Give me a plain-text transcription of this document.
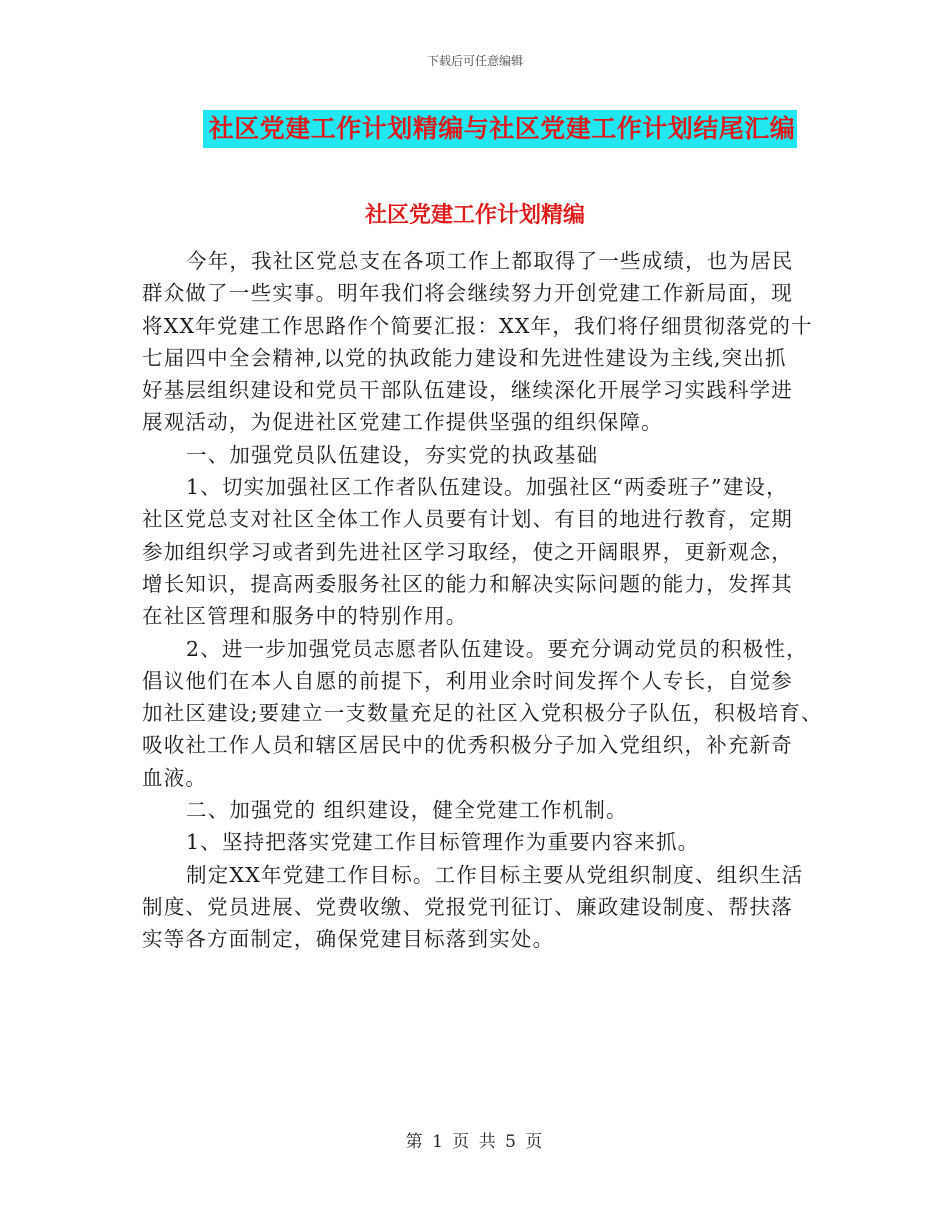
下载后可任意编辑
社区党建工作计划精编与社区党建工作计划结尾汇编
社区党建工作计划精编
今年，我社区党总支在各项工作上都取得了一些成绩，也为居民
群众做了一些实事。明年我们将会继续努力开创党建工作新局面，现
将XX年党建工作思路作个简要汇报：XX年，我们将仔细贯彻落党的十
七届四中全会精神,以党的执政能力建设和先进性建设为主线,突出抓
好基层组织建设和党员干部队伍建设，继续深化开展学习实践科学进
展观活动，为促进社区党建工作提供坚强的组织保障。
一、加强党员队伍建设，夯实党的执政基础
1、切实加强社区工作者队伍建设。加强社区“两委班子”建设，
社区党总支对社区全体工作人员要有计划、有目的地进行教育，定期
参加组织学习或者到先进社区学习取经，使之开阔眼界，更新观念，
增长知识，提高两委服务社区的能力和解决实际问题的能力，发挥其
在社区管理和服务中的特别作用。
2、进一步加强党员志愿者队伍建设。要充分调动党员的积极性，
倡议他们在本人自愿的前提下，利用业余时间发挥个人专长，自觉参
加社区建设;要建立一支数量充足的社区入党积极分子队伍，积极培育、
吸收社工作人员和辖区居民中的优秀积极分子加入党组织，补充新奇
血液。
二、加强党的 组织建设，健全党建工作机制。
1、坚持把落实党建工作目标管理作为重要内容来抓。
制定XX年党建工作目标。工作目标主要从党组织制度、组织生活
制度、党员进展、党费收缴、党报党刊征订、廉政建设制度、帮扶落
实等各方面制定，确保党建目标落到实处。
第 1 页 共 5 页
